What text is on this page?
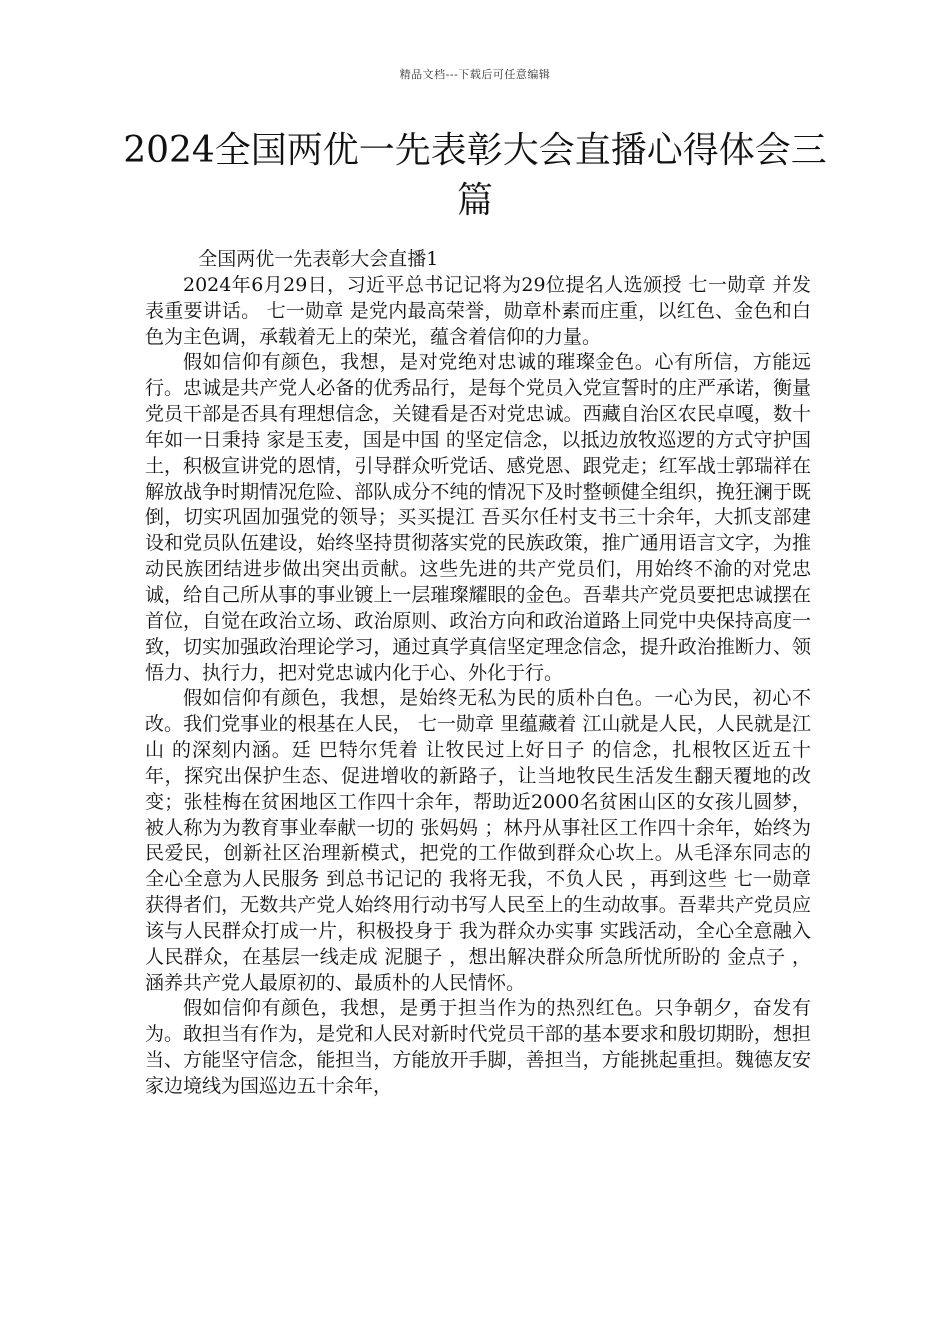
精品文档---下载后可任意编辑
2024全国两优一先表彰大会直播心得体会三篇

全国两优一先表彰大会直播1

2024年6月29日，习近平总书记记将为29位提名人选颁授 七一勋章 并发表重要讲话。 七一勋章 是党内最高荣誉，勋章朴素而庄重，以红色、金色和白色为主色调，承载着无上的荣光，蕴含着信仰的力量。

假如信仰有颜色，我想，是对党绝对忠诚的璀璨金色。心有所信，方能远行。忠诚是共产党人必备的优秀品行，是每个党员入党宣誓时的庄严承诺，衡量党员干部是否具有理想信念，关键看是否对党忠诚。西藏自治区农民卓嘎，数十年如一日秉持 家是玉麦，国是中国 的坚定信念，以抵边放牧巡逻的方式守护国土，积极宣讲党的恩情，引导群众听党话、感党恩、跟党走；红军战士郭瑞祥在解放战争时期情况危险、部队成分不纯的情况下及时整顿健全组织，挽狂澜于既倒，切实巩固加强党的领导；买买提江 吾买尔任村支书三十余年，大抓支部建设和党员队伍建设，始终坚持贯彻落实党的民族政策，推广通用语言文字，为推动民族团结进步做出突出贡献。这些先进的共产党员们，用始终不渝的对党忠诚，给自己所从事的事业镀上一层璀璨耀眼的金色。吾辈共产党员要把忠诚摆在首位，自觉在政治立场、政治原则、政治方向和政治道路上同党中央保持高度一致，切实加强政治理论学习，通过真学真信坚定理念信念，提升政治推断力、领悟力、执行力，把对党忠诚内化于心、外化于行。

假如信仰有颜色，我想，是始终无私为民的质朴白色。一心为民，初心不改。我们党事业的根基在人民， 七一勋章 里蕴藏着 江山就是人民，人民就是江山 的深刻内涵。廷 巴特尔凭着 让牧民过上好日子 的信念，扎根牧区近五十年，探究出保护生态、促进增收的新路子，让当地牧民生活发生翻天覆地的改变；张桂梅在贫困地区工作四十余年，帮助近2000名贫困山区的女孩儿圆梦，被人称为为教育事业奉献一切的 张妈妈 ；林丹从事社区工作四十余年，始终为民爱民，创新社区治理新模式，把党的工作做到群众心坎上。从毛泽东同志的 全心全意为人民服务 到总书记记的 我将无我，不负人民 ，再到这些 七一勋章 获得者们，无数共产党人始终用行动书写人民至上的生动故事。吾辈共产党员应该与人民群众打成一片，积极投身于 我为群众办实事 实践活动，全心全意融入人民群众，在基层一线走成 泥腿子 ，想出解决群众所急所忧所盼的 金点子 ，涵养共产党人最原初的、最质朴的人民情怀。

假如信仰有颜色，我想，是勇于担当作为的热烈红色。只争朝夕，奋发有为。敢担当有作为，是党和人民对新时代党员干部的基本要求和殷切期盼，想担当、方能坚守信念，能担当，方能放开手脚，善担当，方能挑起重担。魏德友安家边境线为国巡边五十余年，
